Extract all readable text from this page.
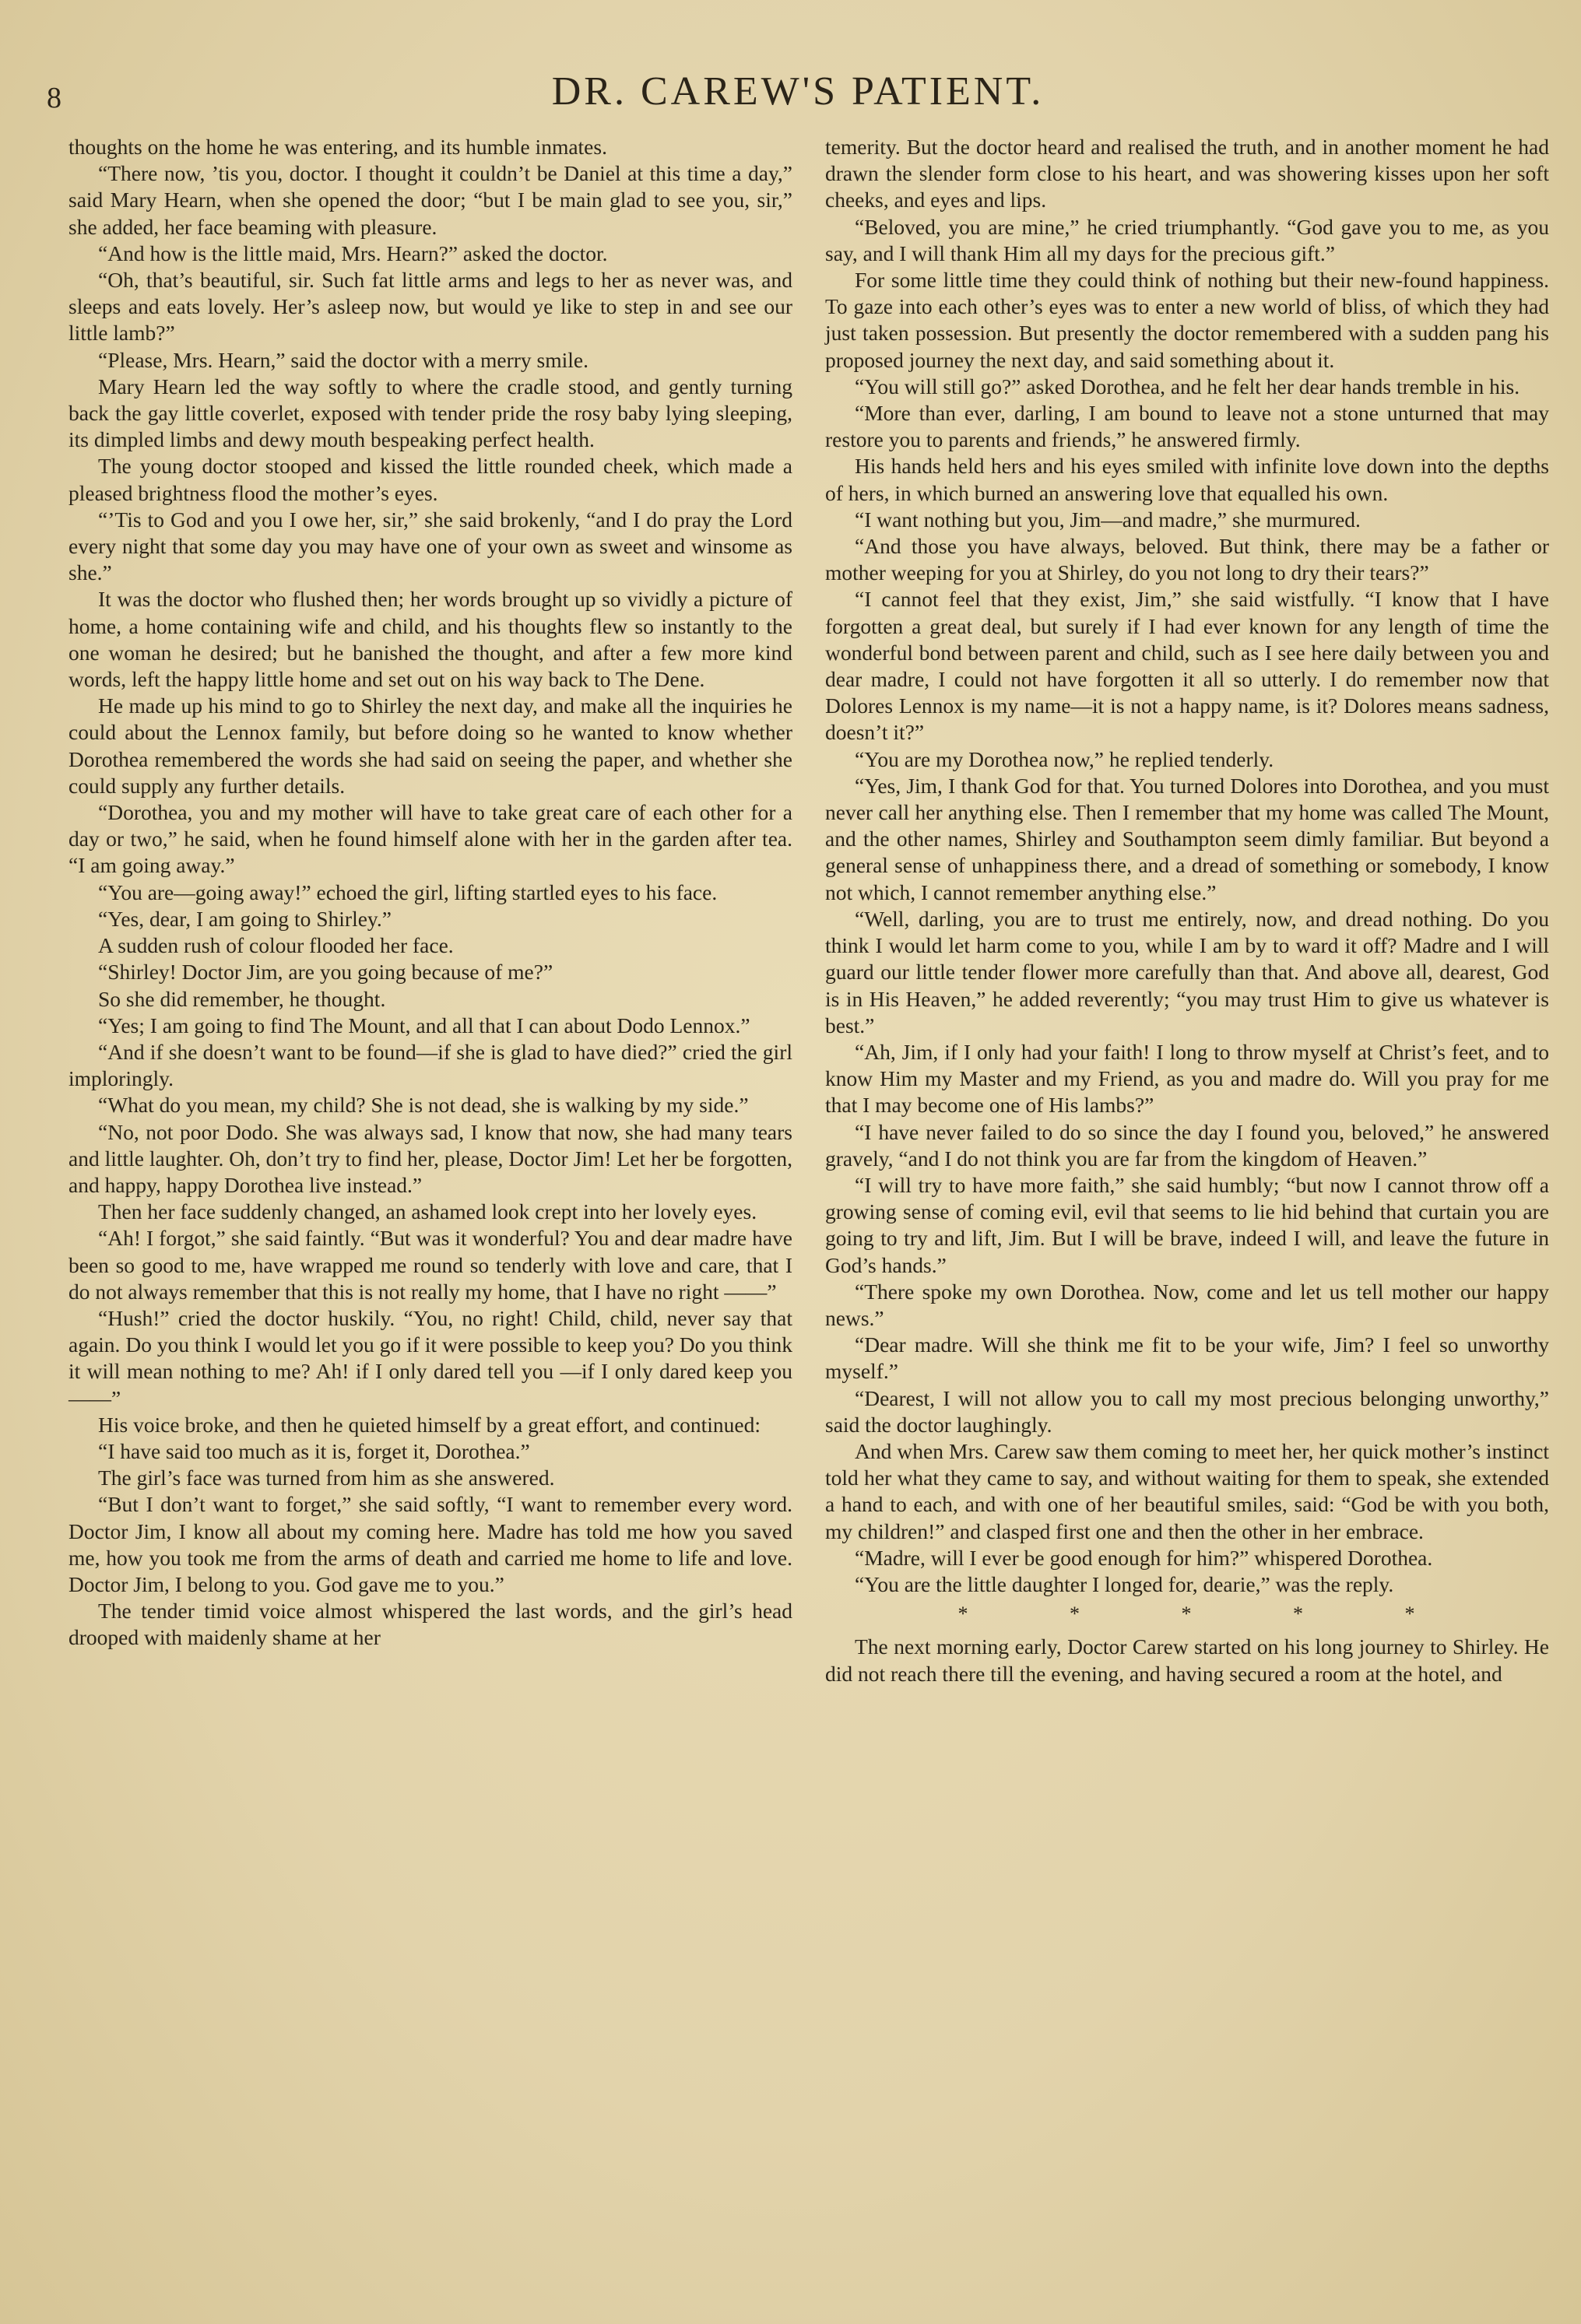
8	DR. CAREW'S PATIENT.

thoughts on the home he was entering, and its humble inmates.

“There now, ’tis you, doctor. I thought it couldn’t be Daniel at this time a day,” said Mary Hearn, when she opened the door; “but I be main glad to see you, sir,” she added, her face beaming with pleasure.

“And how is the little maid, Mrs. Hearn?” asked the doctor.

“Oh, that’s beautiful, sir. Such fat little arms and legs to her as never was, and sleeps and eats lovely. Her’s asleep now, but would ye like to step in and see our little lamb?”

“Please, Mrs. Hearn,” said the doctor with a merry smile.

Mary Hearn led the way softly to where the cradle stood, and gently turning back the gay little coverlet, exposed with tender pride the rosy baby lying sleeping, its dimpled limbs and dewy mouth bespeaking perfect health.

The young doctor stooped and kissed the little rounded cheek, which made a pleased brightness flood the mother’s eyes.

“’Tis to God and you I owe her, sir,” she said brokenly, “and I do pray the Lord every night that some day you may have one of your own as sweet and winsome as she.”

It was the doctor who flushed then; her words brought up so vividly a picture of home, a home containing wife and child, and his thoughts flew so instantly to the one woman he desired; but he banished the thought, and after a few more kind words, left the happy little home and set out on his way back to The Dene.

He made up his mind to go to Shirley the next day, and make all the inquiries he could about the Lennox family, but before doing so he wanted to know whether Dorothea remembered the words she had said on seeing the paper, and whether she could supply any further details.

“Dorothea, you and my mother will have to take great care of each other for a day or two,” he said, when he found himself alone with her in the garden after tea. “I am going away.”

“You are—going away!” echoed the girl, lifting startled eyes to his face.

“Yes, dear, I am going to Shirley.”

A sudden rush of colour flooded her face.

“Shirley! Doctor Jim, are you going because of me?”

So she did remember, he thought.

“Yes; I am going to find The Mount, and all that I can about Dodo Lennox.”

“And if she doesn’t want to be found—if she is glad to have died?” cried the girl imploringly.

“What do you mean, my child? She is not dead, she is walking by my side.”

“No, not poor Dodo. She was always sad, I know that now, she had many tears and little laughter. Oh, don’t try to find her, please, Doctor Jim! Let her be forgotten, and happy, happy Dorothea live instead.”

Then her face suddenly changed, an ashamed look crept into her lovely eyes.

“Ah! I forgot,” she said faintly. “But was it wonderful? You and dear madre have been so good to me, have wrapped me round so tenderly with love and care, that I do not always remember that this is not really my home, that I have no right ——”

“Hush!” cried the doctor huskily. “You, no right! Child, child, never say that again. Do you think I would let you go if it were possible to keep you? Do you think it will mean nothing to me? Ah! if I only dared tell you —if I only dared keep you ——”

His voice broke, and then he quieted himself by a great effort, and continued:

“I have said too much as it is, forget it, Dorothea.”

The girl’s face was turned from him as she answered.

“But I don’t want to forget,” she said softly, “I want to remember every word. Doctor Jim, I know all about my coming here. Madre has told me how you saved me, how you took me from the arms of death and carried me home to life and love. Doctor Jim, I belong to you. God gave me to you.”

The tender timid voice almost whispered the last words, and the girl’s head drooped with maidenly shame at her

temerity. But the doctor heard and realised the truth, and in another moment he had drawn the slender form close to his heart, and was showering kisses upon her soft cheeks, and eyes and lips.

“Beloved, you are mine,” he cried triumphantly. “God gave you to me, as you say, and I will thank Him all my days for the precious gift.”

For some little time they could think of nothing but their new-found happiness. To gaze into each other’s eyes was to enter a new world of bliss, of which they had just taken possession. But presently the doctor remembered with a sudden pang his proposed journey the next day, and said something about it.

“You will still go?” asked Dorothea, and he felt her dear hands tremble in his.

“More than ever, darling, I am bound to leave not a stone unturned that may restore you to parents and friends,” he answered firmly.

His hands held hers and his eyes smiled with infinite love down into the depths of hers, in which burned an answering love that equalled his own.

“I want nothing but you, Jim—and madre,” she murmured.

“And those you have always, beloved. But think, there may be a father or mother weeping for you at Shirley, do you not long to dry their tears?”

“I cannot feel that they exist, Jim,” she said wistfully. “I know that I have forgotten a great deal, but surely if I had ever known for any length of time the wonderful bond between parent and child, such as I see here daily between you and dear madre, I could not have forgotten it all so utterly. I do remember now that Dolores Lennox is my name—it is not a happy name, is it? Dolores means sadness, doesn’t it?”

“You are my Dorothea now,” he replied tenderly.

“Yes, Jim, I thank God for that. You turned Dolores into Dorothea, and you must never call her anything else. Then I remember that my home was called The Mount, and the other names, Shirley and Southampton seem dimly familiar. But beyond a general sense of unhappiness there, and a dread of something or somebody, I know not which, I cannot remember anything else.”

“Well, darling, you are to trust me entirely, now, and dread nothing. Do you think I would let harm come to you, while I am by to ward it off? Madre and I will guard our little tender flower more carefully than that. And above all, dearest, God is in His Heaven,” he added reverently; “you may trust Him to give us whatever is best.”

“Ah, Jim, if I only had your faith! I long to throw myself at Christ’s feet, and to know Him my Master and my Friend, as you and madre do. Will you pray for me that I may become one of His lambs?”

“I have never failed to do so since the day I found you, beloved,” he answered gravely, “and I do not think you are far from the kingdom of Heaven.”

“I will try to have more faith,” she said humbly; “but now I cannot throw off a growing sense of coming evil, evil that seems to lie hid behind that curtain you are going to try and lift, Jim. But I will be brave, indeed I will, and leave the future in God’s hands.”

“There spoke my own Dorothea. Now, come and let us tell mother our happy news.”

“Dear madre. Will she think me fit to be your wife, Jim? I feel so unworthy myself.”

“Dearest, I will not allow you to call my most precious belonging unworthy,” said the doctor laughingly.

And when Mrs. Carew saw them coming to meet her, her quick mother’s instinct told her what they came to say, and without waiting for them to speak, she extended a hand to each, and with one of her beautiful smiles, said: “God be with you both, my children!” and clasped first one and then the other in her embrace.

“Madre, will I ever be good enough for him?” whispered Dorothea.

“You are the little daughter I longed for, dearie,” was the reply.

* * * * *

The next morning early, Doctor Carew started on his long journey to Shirley. He did not reach there till the evening, and having secured a room at the hotel, and
